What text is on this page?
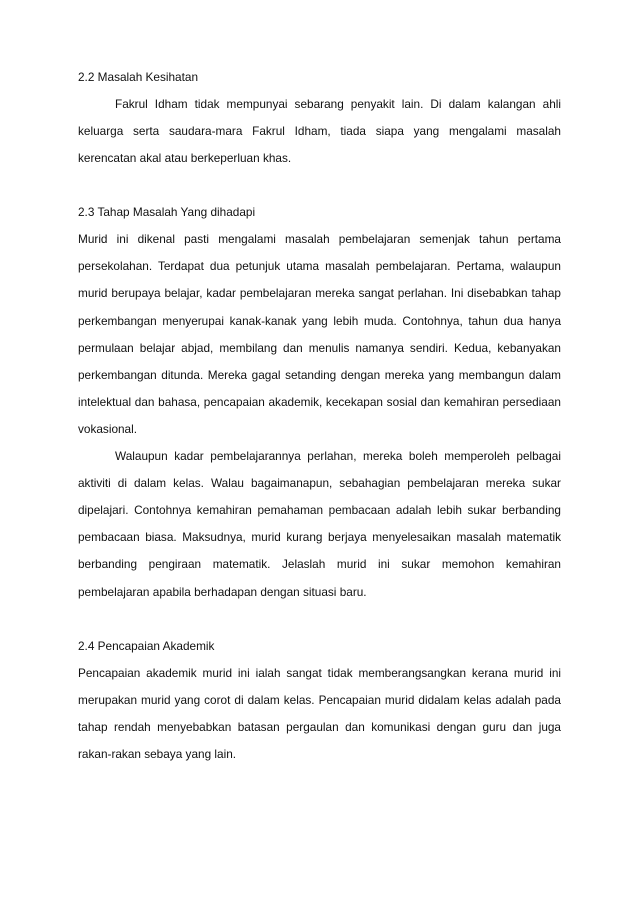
2.2 Masalah Kesihatan

Fakrul Idham tidak mempunyai sebarang penyakit lain. Di dalam kalangan ahli keluarga serta saudara-mara Fakrul Idham, tiada siapa yang mengalami masalah kerencatan akal atau berkeperluan khas.

2.3 Tahap Masalah Yang dihadapi

Murid ini dikenal pasti mengalami masalah pembelajaran semenjak tahun pertama persekolahan. Terdapat dua petunjuk utama masalah pembelajaran. Pertama, walaupun murid berupaya belajar, kadar pembelajaran mereka sangat perlahan. Ini disebabkan tahap perkembangan menyerupai kanak-kanak yang lebih muda. Contohnya, tahun dua hanya permulaan belajar abjad, membilang dan menulis namanya sendiri. Kedua, kebanyakan perkembangan ditunda. Mereka gagal setanding dengan mereka yang membangun dalam intelektual dan bahasa, pencapaian akademik, kecekapan sosial dan kemahiran persediaan vokasional.

Walaupun kadar pembelajarannya perlahan, mereka boleh memperoleh pelbagai aktiviti di dalam kelas. Walau bagaimanapun, sebahagian pembelajaran mereka sukar dipelajari. Contohnya kemahiran pemahaman pembacaan adalah lebih sukar berbanding pembacaan biasa. Maksudnya, murid kurang berjaya menyelesaikan masalah matematik berbanding pengiraan matematik. Jelaslah murid ini sukar memohon kemahiran pembelajaran apabila berhadapan dengan situasi baru.

2.4 Pencapaian Akademik

Pencapaian akademik murid ini ialah sangat tidak memberangsangkan kerana murid ini merupakan murid yang corot di dalam kelas. Pencapaian murid didalam kelas adalah pada tahap rendah menyebabkan batasan pergaulan dan komunikasi dengan guru dan juga rakan-rakan sebaya yang lain.
